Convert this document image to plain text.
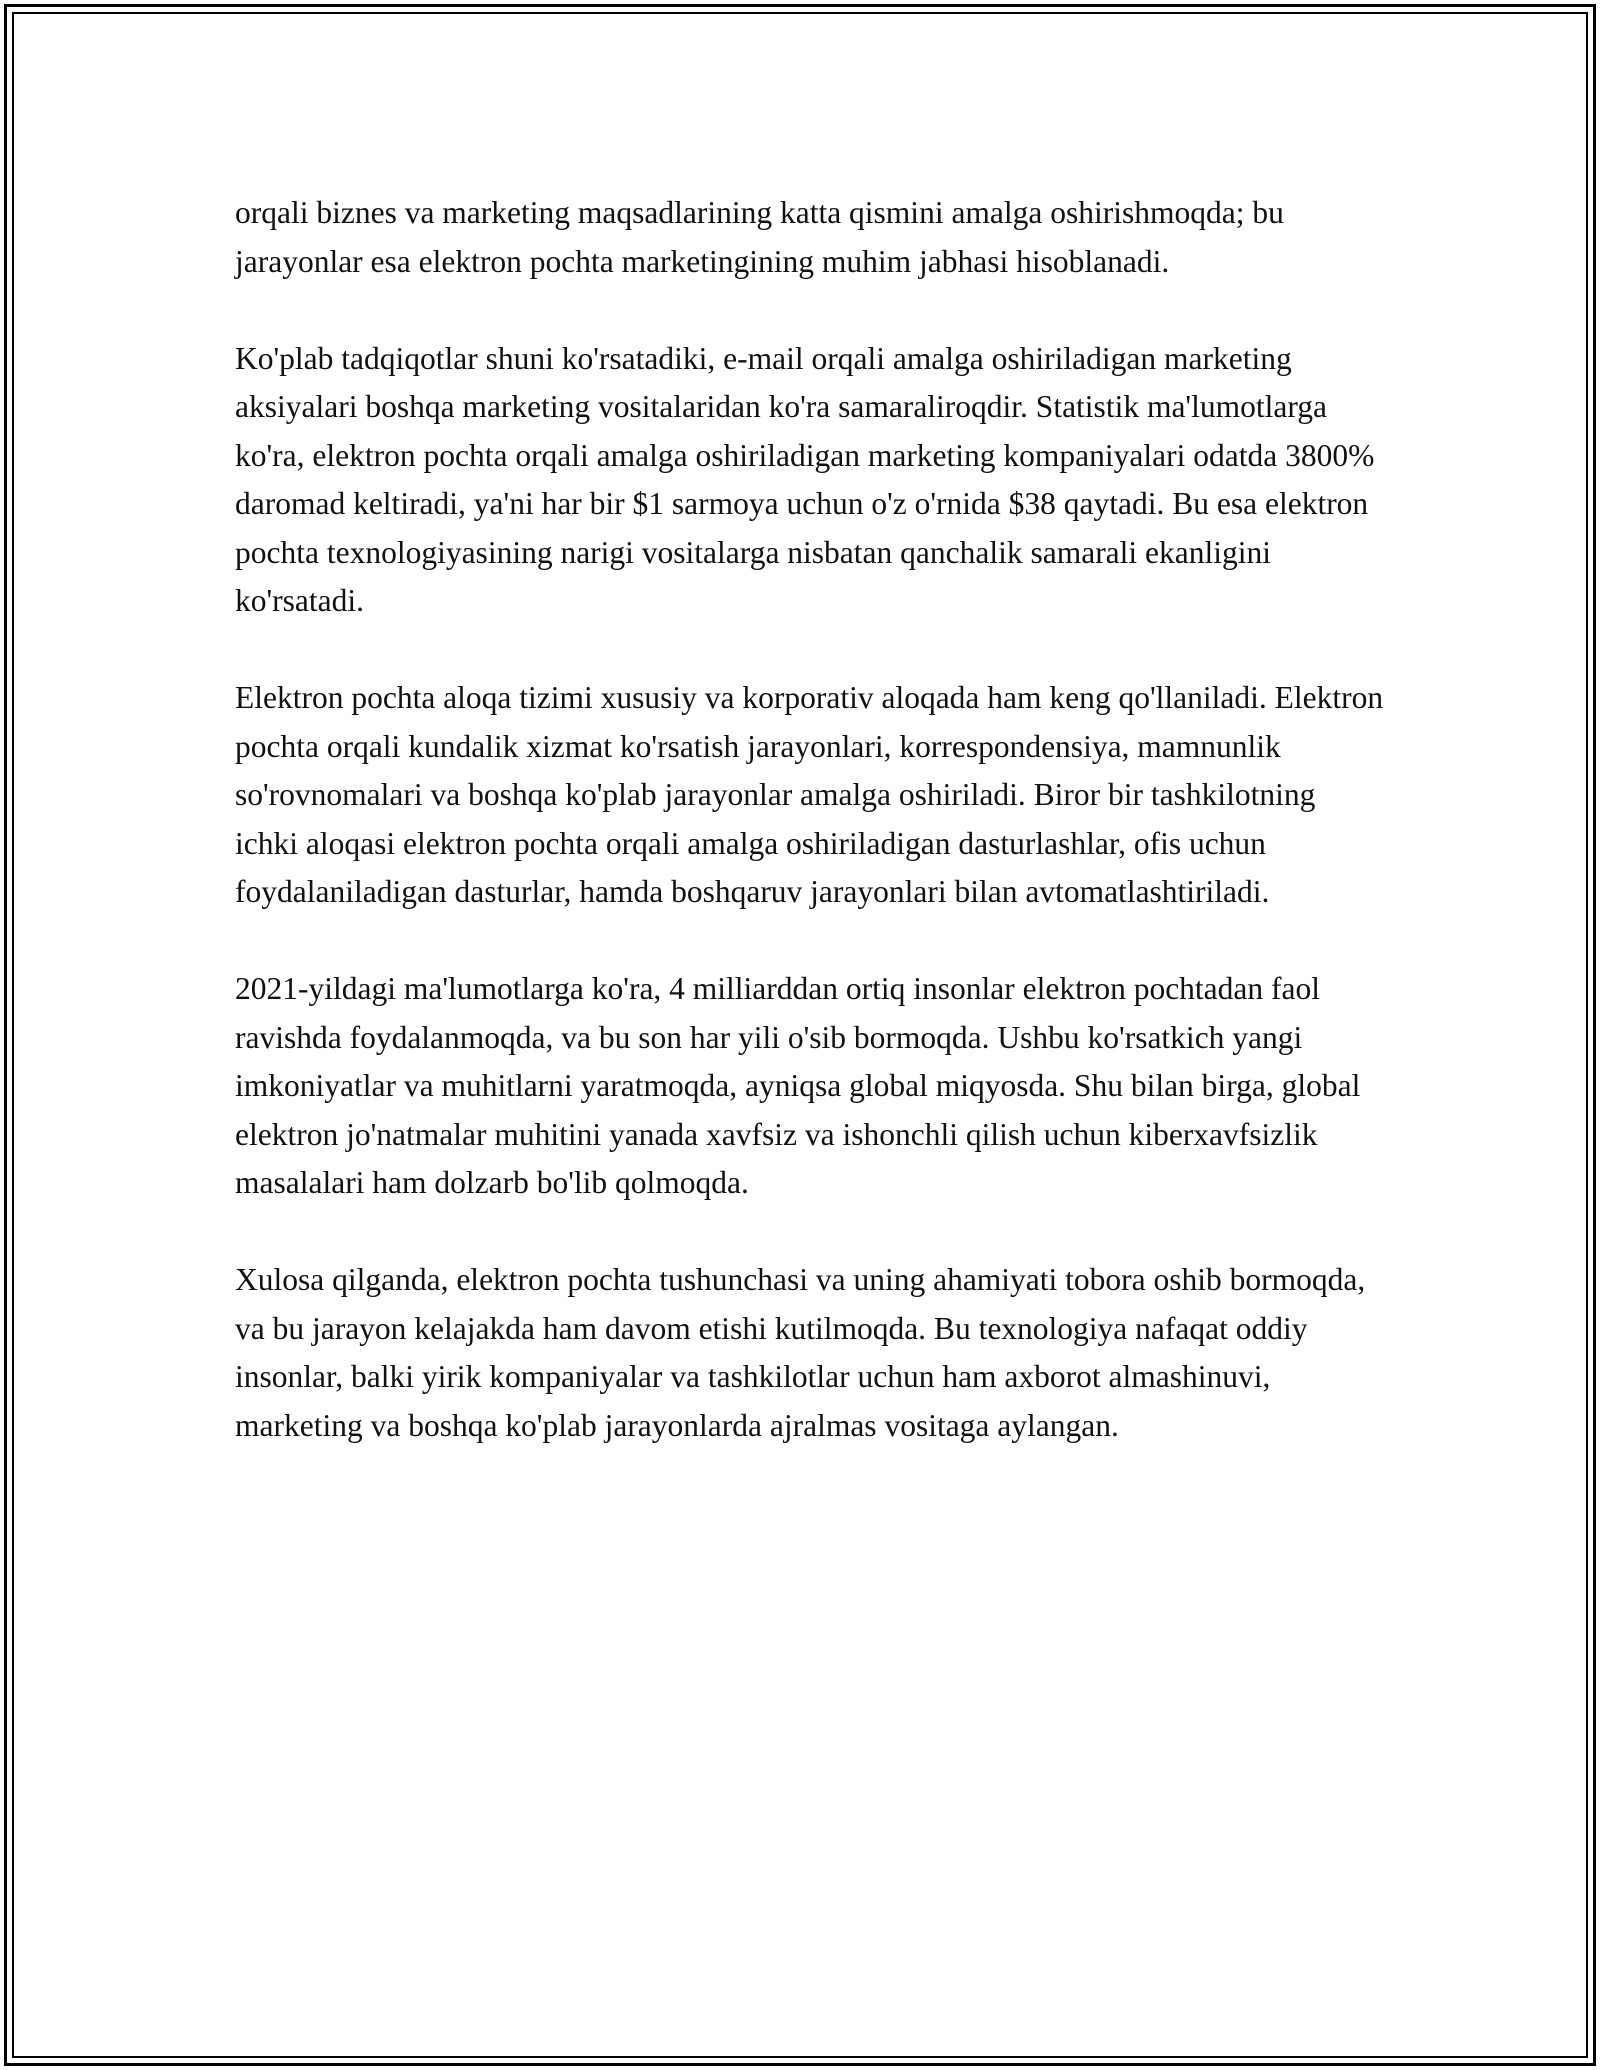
orqali biznes va marketing maqsadlarining katta qismini amalga oshirishmoqda; bu jarayonlar esa elektron pochta marketingining muhim jabhasi hisoblanadi.

Ko'plab tadqiqotlar shuni ko'rsatadiki, e-mail orqali amalga oshiriladigan marketing aksiyalari boshqa marketing vositalaridan ko'ra samaraliroqdir. Statistik ma'lumotlarga ko'ra, elektron pochta orqali amalga oshiriladigan marketing kompaniyalari odatda 3800% daromad keltiradi, ya'ni har bir $1 sarmoya uchun o'z o'rnida $38 qaytadi. Bu esa elektron pochta texnologiyasining narigi vositalarga nisbatan qanchalik samarali ekanligini ko'rsatadi.

Elektron pochta aloqa tizimi xususiy va korporativ aloqada ham keng qo'llaniladi. Elektron pochta orqali kundalik xizmat ko'rsatish jarayonlari, korrespondensiya, mamnunlik so'rovnomalari va boshqa ko'plab jarayonlar amalga oshiriladi. Biror bir tashkilotning ichki aloqasi elektron pochta orqali amalga oshiriladigan dasturlashlar, ofis uchun foydalaniladigan dasturlar, hamda boshqaruv jarayonlari bilan avtomatlashtiriladi.

2021-yildagi ma'lumotlarga ko'ra, 4 milliarddan ortiq insonlar elektron pochtadan faol ravishda foydalanmoqda, va bu son har yili o'sib bormoqda. Ushbu ko'rsatkich yangi imkoniyatlar va muhitlarni yaratmoqda, ayniqsa global miqyosda. Shu bilan birga, global elektron jo'natmalar muhitini yanada xavfsiz va ishonchli qilish uchun kiberxavfsizlik masalalari ham dolzarb bo'lib qolmoqda.

Xulosa qilganda, elektron pochta tushunchasi va uning ahamiyati tobora oshib bormoqda, va bu jarayon kelajakda ham davom etishi kutilmoqda. Bu texnologiya nafaqat oddiy insonlar, balki yirik kompaniyalar va tashkilotlar uchun ham axborot almashinuvi, marketing va boshqa ko'plab jarayonlarda ajralmas vositaga aylangan.
